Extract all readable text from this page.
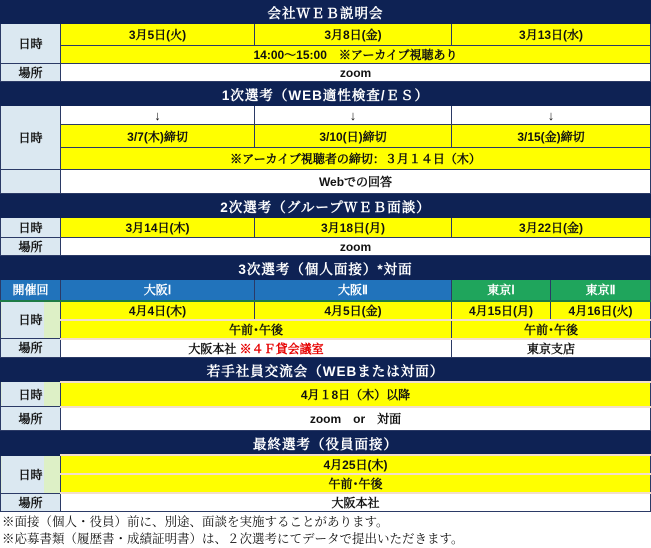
会社ＷＥＢ説明会			
日時	3月5日(火)	3月8日(金)	3月13日(水)
	14:00～15:00　※アーカイブ視聴あり		
場所	zoom		
1次選考（WEB適性検査/ＥＳ）			
日時	↓	↓	↓
	3/7(木)締切	3/10(日)締切	3/15(金)締切
	※アーカイブ視聴者の締切：３月１４日（木）		
	Webでの回答		
2次選考（グループＷＥＢ面談）			
日時	3月14日(木)	3月18日(月)	3月22日(金)
場所	zoom		
3次選考（個人面接）*対面				
開催回	大阪Ⅰ	大阪Ⅱ	東京Ⅰ	東京Ⅱ
日時	4月4日(木)	4月5日(金)	4月15日(月)	4月16日(火)
	午前･午後		午前･午後	
場所	大阪本社 ※４Ｆ貸会議室		東京支店	
若手社員交流会（WEBまたは対面）	
日時	4月１8日（木）以降
場所	zoom　or　対面
最終選考（役員面接）	
日時	4月25日(木)
	午前･午後
場所	大阪本社
※面接（個人・役員）前に、別途、面談を実施することがあります。
※応募書類（履歴書・成績証明書）は、２次選考にてデータで提出いただきます。
